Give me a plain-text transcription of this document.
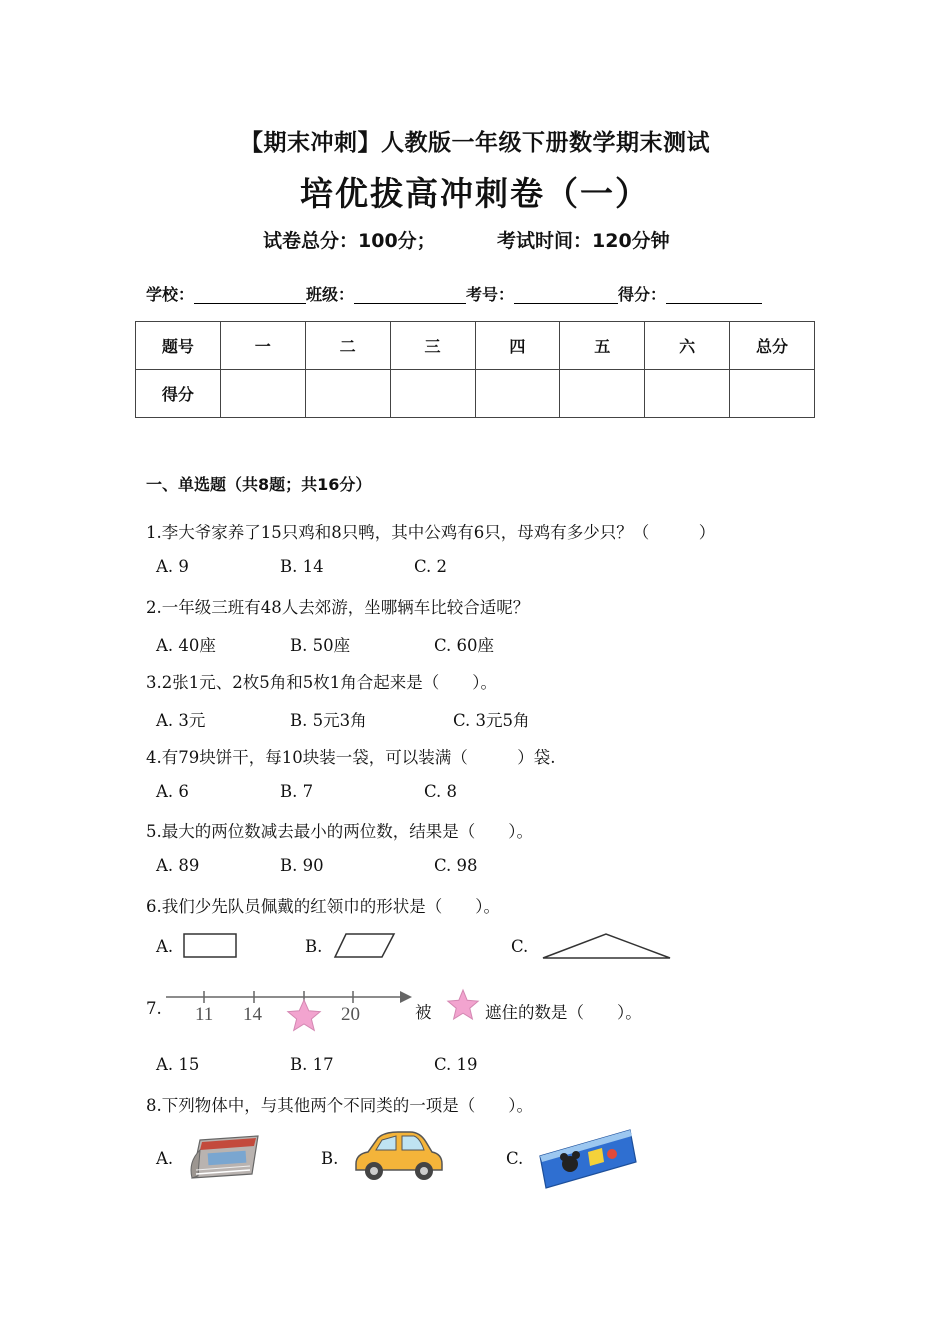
【期末冲刺】人教版一年级下册数学期末测试
培优拔高冲刺卷（一）
试卷总分：100分；	考试时间：120分钟
学校：	班级：	考号：	得分：
题号	一	二	三	四	五	六	总分
得分							
一、单选题（共8题；共16分）
1.李大爷家养了15只鸡和8只鸭，其中公鸡有6只，母鸡有多少只？（　　　）
A. 9	B. 14	C. 2
2.一年级三班有48人去郊游，坐哪辆车比较合适呢？
A. 40座	B. 50座	C. 60座
3.2张1元、2枚5角和5枚1角合起来是（　　）。
A. 3元	B. 5元3角	C. 3元5角
4.有79块饼干，每10块装一袋，可以装满（　　　）袋.
A. 6	B. 7	C. 8
5.最大的两位数减去最小的两位数，结果是（　　）。
A. 89	B. 90	C. 98
6.我们少先队员佩戴的红领巾的形状是（　　）。
A.	B.	C.
7. 11 14	20	被	遮住的数是（　　）。
A. 15	B. 17	C. 19
8.下列物体中，与其他两个不同类的一项是（　　）。
A.	B.	C.
